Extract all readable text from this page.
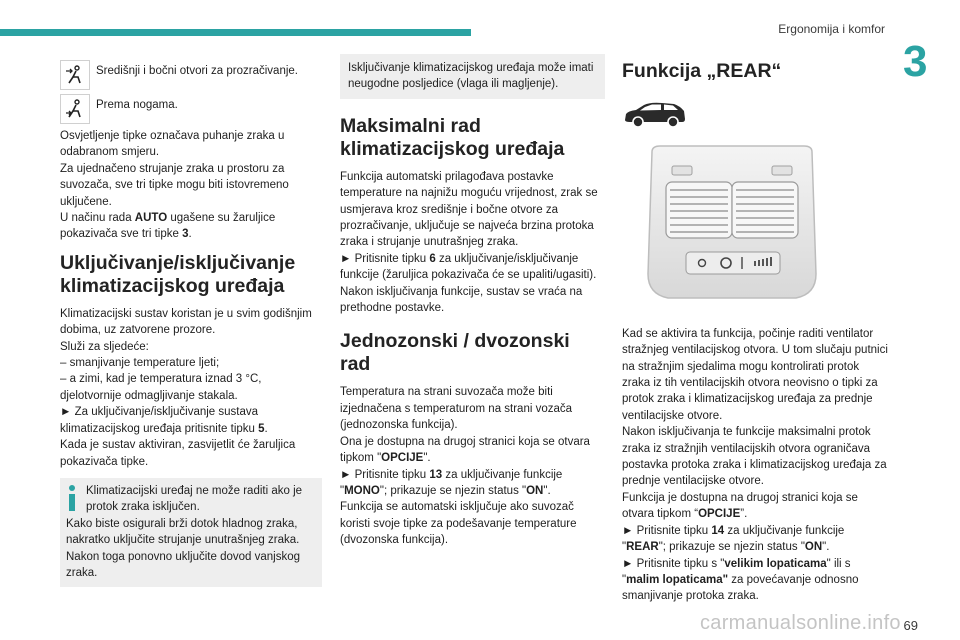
Ergonomija i komfor
3
69
carmanualsonline.info

Središnji i bočni otvori za prozračivanje.

Prema nogama.

Osvjetljenje tipke označava puhanje zraka u odabranom smjeru.

Za ujednačeno strujanje zraka u prostoru za suvozača, sve tri tipke mogu biti istovremeno uključene.

U načinu rada AUTO ugašene su žaruljice pokazivača sve tri tipke 3.

Uključivanje/isključivanje klimatizacijskog uređaja

Klimatizacijski sustav koristan je u svim godišnjim dobima, uz zatvorene prozore.

Služi za sljedeće:

– smanjivanje temperature ljeti;

– a zimi, kad je temperatura iznad 3 °C, djelotvornije odmagljivanje stakala.

► Za uključivanje/isključivanje sustava klimatizacijskog uređaja pritisnite tipku 5.

Kada je sustav aktiviran, zasvijetlit će žaruljica pokazivača tipke.

Klimatizacijski uređaj ne može raditi ako je protok zraka isključen.

Kako biste osigurali brži dotok hladnog zraka, nakratko uključite strujanje unutrašnjeg zraka. Nakon toga ponovno uključite dovod vanjskog zraka.

Isključivanje klimatizacijskog uređaja može imati neugodne posljedice (vlaga ili magljenje).

Maksimalni rad klimatizacijskog uređaja

Funkcija automatski prilagođava postavke temperature na najnižu moguću vrijednost, zrak se usmjerava kroz središnje i bočne otvore za prozračivanje, uključuje se najveća brzina protoka zraka i strujanje unutrašnjeg zraka.

► Pritisnite tipku 6 za uključivanje/isključivanje funkcije (žaruljica pokazivača će se upaliti/ugasiti).

Nakon isključivanja funkcije, sustav se vraća na prethodne postavke.

Jednozonski / dvozonski rad

Temperatura na strani suvozača može biti izjednačena s temperaturom na strani vozača (jednozonska funkcija).

Ona je dostupna na drugoj stranici koja se otvara tipkom "OPCIJE".

► Pritisnite tipku 13 za uključivanje funkcije "MONO"; prikazuje se njezin status "ON".

Funkcija se automatski isključuje ako suvozač koristi svoje tipke za podešavanje temperature (dvozonska funkcija).

Funkcija „REAR“

Kad se aktivira ta funkcija, počinje raditi ventilator stražnjeg ventilacijskog otvora. U tom slučaju putnici na stražnjim sjedalima mogu kontrolirati protok zraka iz tih ventilacijskih otvora neovisno o tipki za protok zraka i klimatizacijskog uređaja za prednje ventilacijske otvore.

Nakon isključivanja te funkcije maksimalni protok zraka iz stražnjih ventilacijskih otvora ograničava postavka protoka zraka i klimatizacijskog uređaja za prednje ventilacijske otvore.

Funkcija je dostupna na drugoj stranici koja se otvara tipkom “OPCIJE”.

► Pritisnite tipku 14 za uključivanje funkcije "REAR"; prikazuje se njezin status "ON".

► Pritisnite tipku s "velikim lopaticama" ili s "malim lopaticama" za povećavanje odnosno smanjivanje protoka zraka.
